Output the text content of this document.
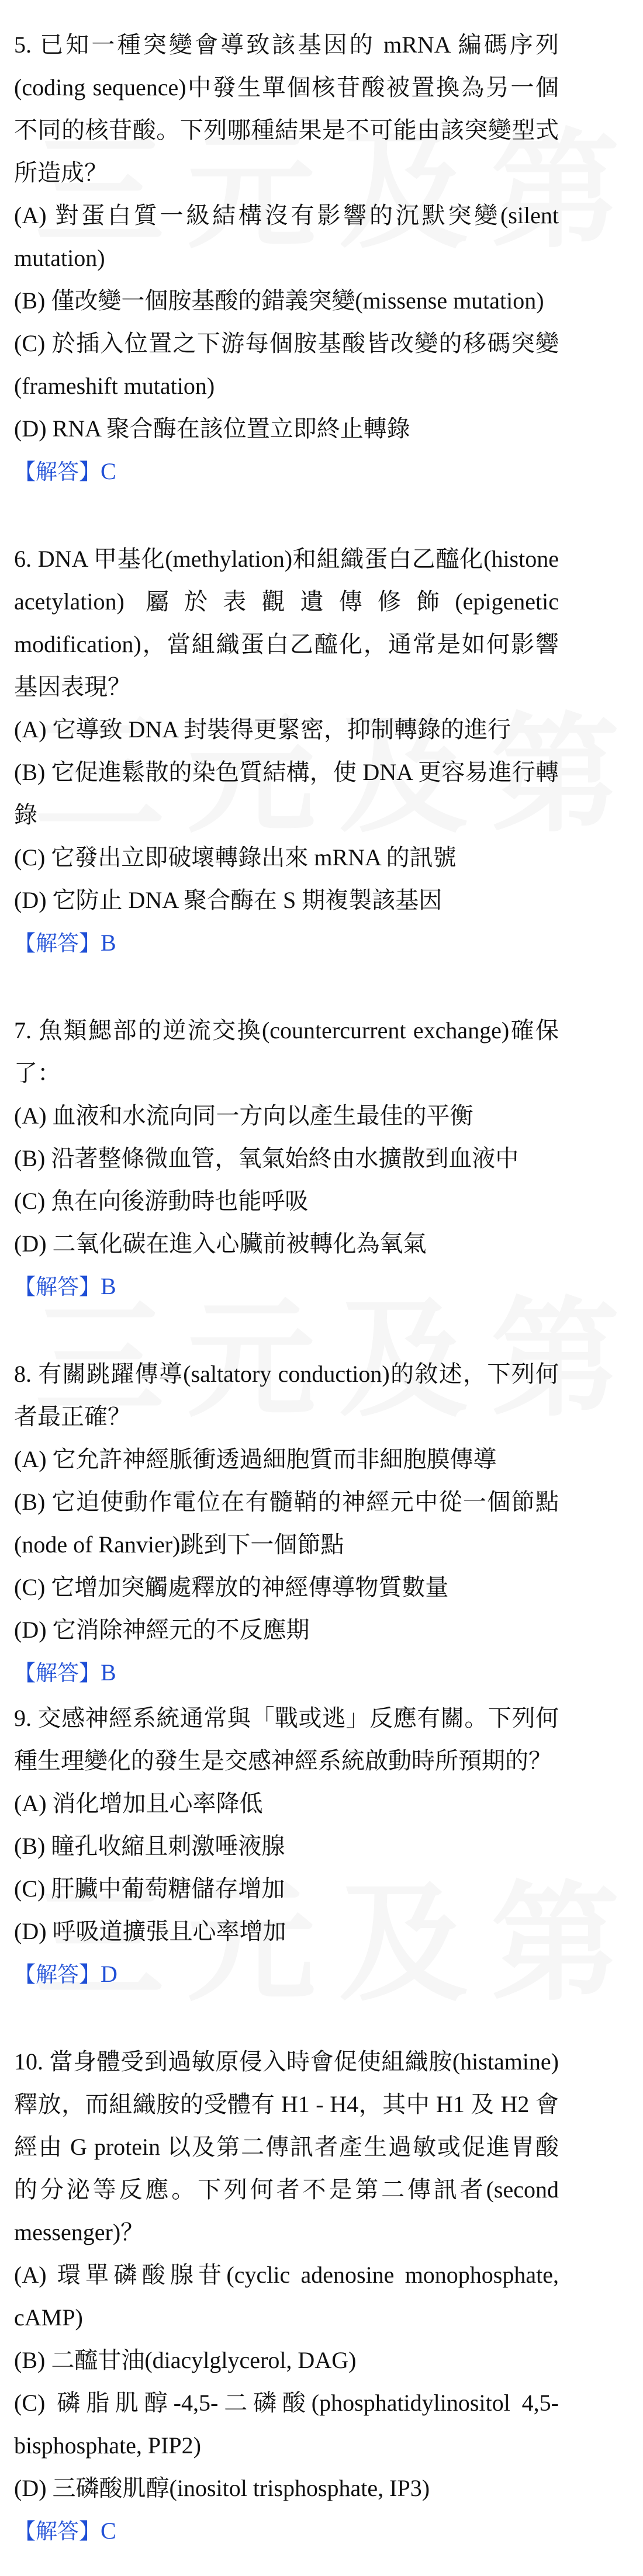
5. 已知一種突變會導致該基因的 mRNA 編碼序列(coding sequence)中發生單個核苷酸被置換為另一個不同的核苷酸。下列哪種結果是不可能由該突變型式所造成？

(A) 對蛋白質一級結構沒有影響的沉默突變(silent mutation)

(B) 僅改變一個胺基酸的錯義突變(missense mutation)

(C) 於插入位置之下游每個胺基酸皆改變的移碼突變(frameshift mutation)

(D) RNA 聚合酶在該位置立即終止轉錄

【解答】C

6. DNA 甲基化(methylation)和組織蛋白乙醯化(histone acetylation) 屬於表觀遺傳修飾(epigenetic modification)，當組織蛋白乙醯化，通常是如何影響基因表現？

(A) 它導致 DNA 封裝得更緊密，抑制轉錄的進行

(B) 它促進鬆散的染色質結構，使 DNA 更容易進行轉錄

(C) 它發出立即破壞轉錄出來 mRNA 的訊號

(D) 它防止 DNA 聚合酶在 S 期複製該基因

【解答】B

7. 魚類鰓部的逆流交換(countercurrent exchange)確保了：

(A) 血液和水流向同一方向以產生最佳的平衡

(B) 沿著整條微血管，氧氣始終由水擴散到血液中

(C) 魚在向後游動時也能呼吸

(D) 二氧化碳在進入心臟前被轉化為氧氣

【解答】B

8. 有關跳躍傳導(saltatory conduction)的敘述，下列何者最正確？

(A) 它允許神經脈衝透過細胞質而非細胞膜傳導

(B) 它迫使動作電位在有髓鞘的神經元中從一個節點(node of Ranvier)跳到下一個節點

(C) 它增加突觸處釋放的神經傳導物質數量

(D) 它消除神經元的不反應期

【解答】B

9. 交感神經系統通常與「戰或逃」反應有關。下列何種生理變化的發生是交感神經系統啟動時所預期的？

(A) 消化增加且心率降低

(B) 瞳孔收縮且刺激唾液腺

(C) 肝臟中葡萄糖儲存增加

(D) 呼吸道擴張且心率增加

【解答】D

10. 當身體受到過敏原侵入時會促使組織胺(histamine)釋放，而組織胺的受體有 H1 - H4，其中 H1 及 H2 會經由 G protein 以及第二傳訊者產生過敏或促進胃酸的分泌等反應。下列何者不是第二傳訊者(second messenger)？

(A) 環單磷酸腺苷(cyclic adenosine monophosphate, cAMP)

(B) 二醯甘油(diacylglycerol, DAG)

(C) 磷脂肌醇-4,5-二磷酸(phosphatidylinositol 4,5-bisphosphate, PIP2)

(D) 三磷酸肌醇(inositol trisphosphate, IP3)

【解答】C
